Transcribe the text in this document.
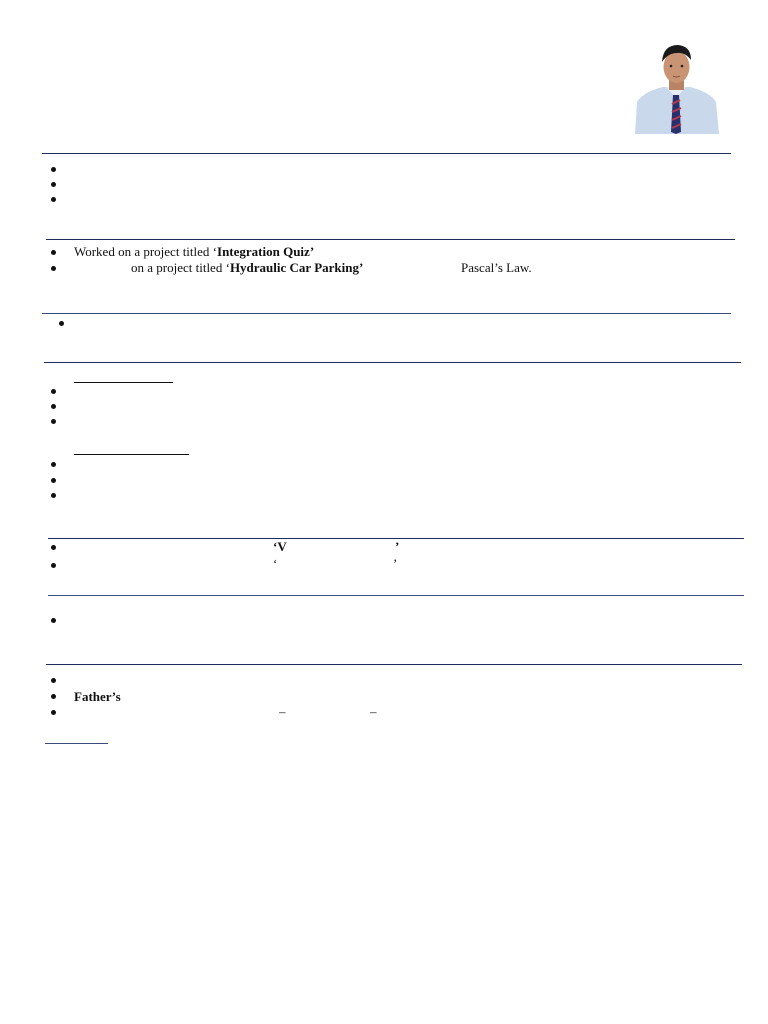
Worked on a project titled ‘Integration Quiz’
on a project titled ‘Hydraulic Car Parking’	Pascal’s Law.
‘V	’
‘	’
Father’s
–	–
